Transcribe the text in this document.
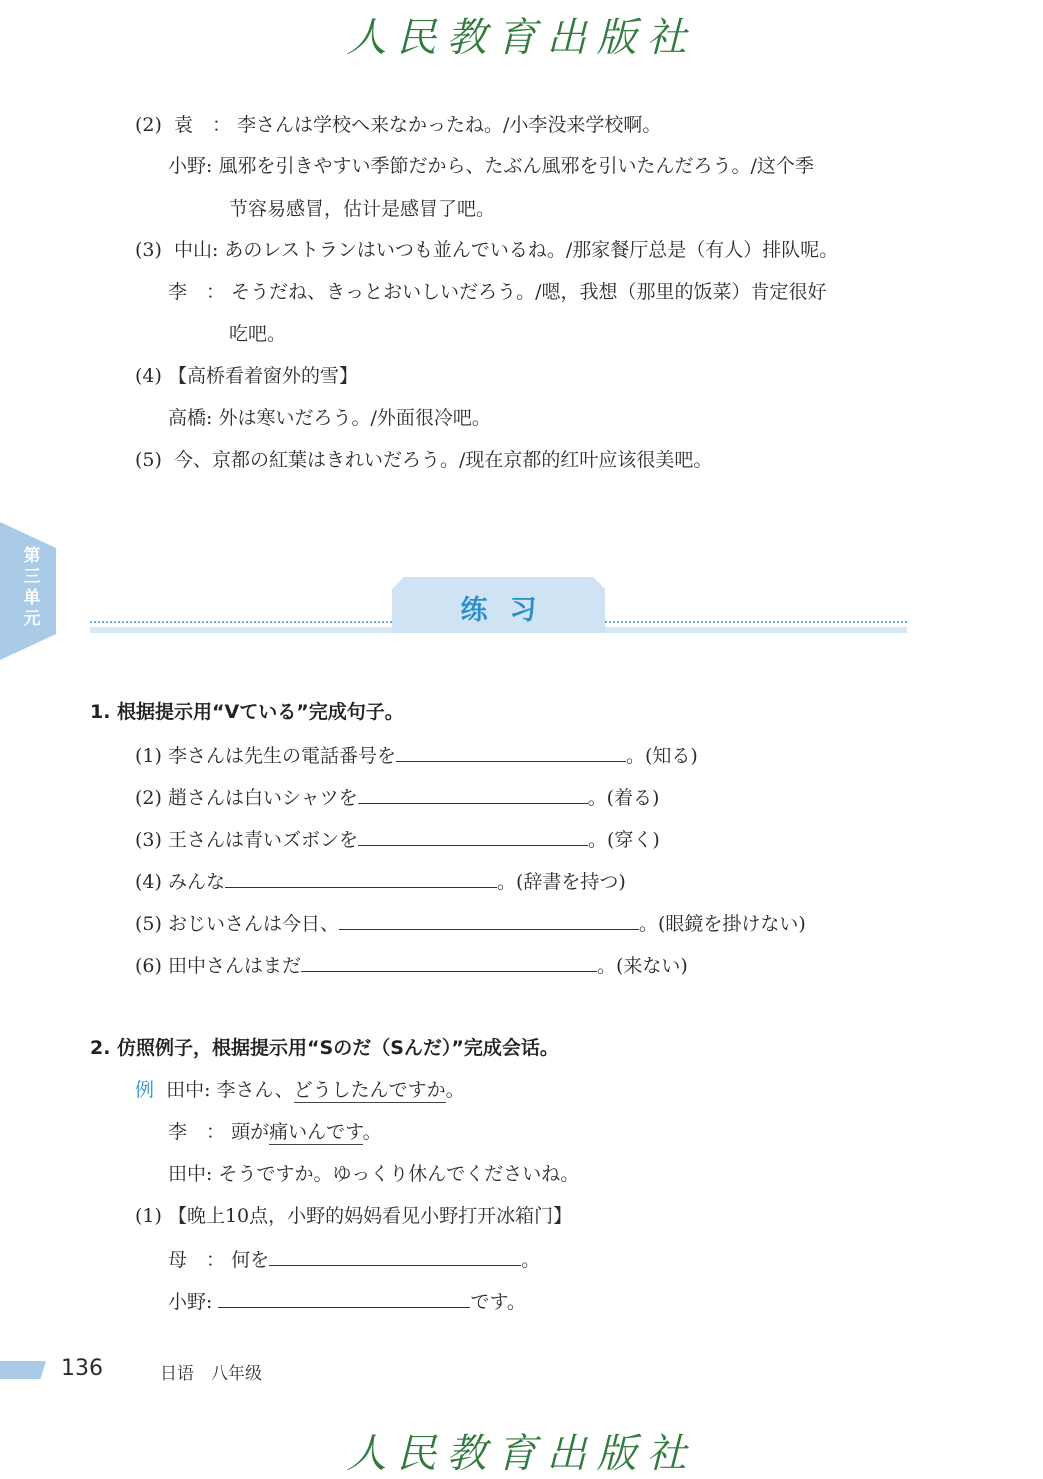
人民教育出版社
(2) 袁　： 李さんは学校へ来なかったね。/小李没来学校啊。
小野: 風邪を引きやすい季節だから、たぶん風邪を引いたんだろう。/这个季
节容易感冒，估计是感冒了吧。
(3) 中山: あのレストランはいつも並んでいるね。/那家餐厅总是（有人）排队呢。
李　： そうだね、きっとおいしいだろう。/嗯，我想（那里的饭菜）肯定很好
吃吧。
(4) 【高桥看着窗外的雪】
高橋: 外は寒いだろう。/外面很冷吧。
(5) 今、京都の紅葉はきれいだろう。/现在京都的红叶应该很美吧。
第三单元	练习
1. 根据提示用“Vている”完成句子。
(1) 李さんは先生の電話番号を	。(知る)
(2) 趙さんは白いシャツを	。(着る)
(3) 王さんは青いズボンを	。(穿く)
(4) みんな	。(辞書を持つ)
(5) おじいさんは今日、	。(眼鏡を掛けない)
(6) 田中さんはまだ	。(来ない)
2. 仿照例子，根据提示用“Sのだ（Sんだ）”完成会话。
例 田中: 李さん、どうしたんですか。
李　： 頭が痛いんです。
田中: そうですか。ゆっくり休んでくださいね。
(1) 【晚上10点，小野的妈妈看见小野打开冰箱门】
母　： 何を	。
小野:	です。
136	日语　八年级
人民教育出版社
